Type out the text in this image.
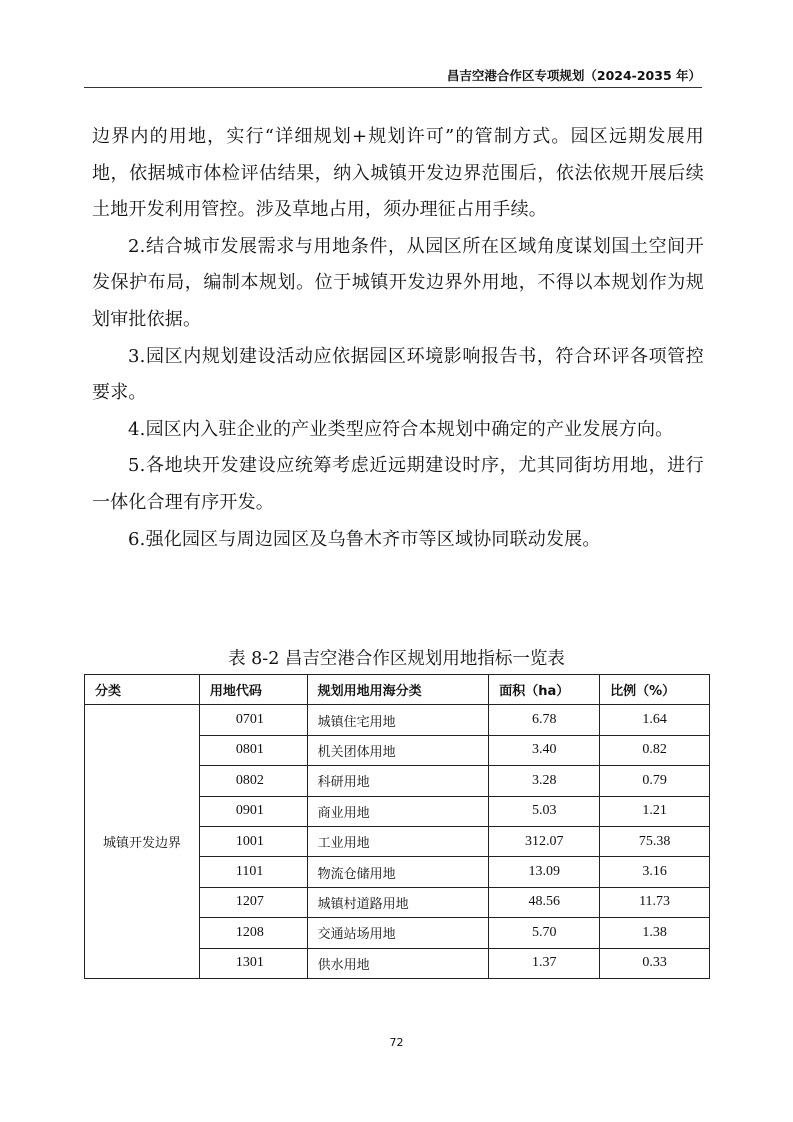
昌吉空港合作区专项规划（2024-2035 年）

边界内的用地，实行“详细规划+规划许可”的管制方式。园区远期发展用地，依据城市体检评估结果，纳入城镇开发边界范围后，依法依规开展后续土地开发利用管控。涉及草地占用，须办理征占用手续。

2.结合城市发展需求与用地条件，从园区所在区域角度谋划国土空间开发保护布局，编制本规划。位于城镇开发边界外用地，不得以本规划作为规划审批依据。

3.园区内规划建设活动应依据园区环境影响报告书，符合环评各项管控要求。

4.园区内入驻企业的产业类型应符合本规划中确定的产业发展方向。

5.各地块开发建设应统筹考虑近远期建设时序，尤其同街坊用地，进行一体化合理有序开发。

6.强化园区与周边园区及乌鲁木齐市等区域协同联动发展。

表 8-2 昌吉空港合作区规划用地指标一览表
分类	用地代码	规划用地用海分类	面积（ha）	比例（%）
城镇开发边界	0701	城镇住宅用地	6.78	1.64
	0801	机关团体用地	3.40	0.82
	0802	科研用地	3.28	0.79
	0901	商业用地	5.03	1.21
	1001	工业用地	312.07	75.38
	1101	物流仓储用地	13.09	3.16
	1207	城镇村道路用地	48.56	11.73
	1208	交通站场用地	5.70	1.38
	1301	供水用地	1.37	0.33
72
